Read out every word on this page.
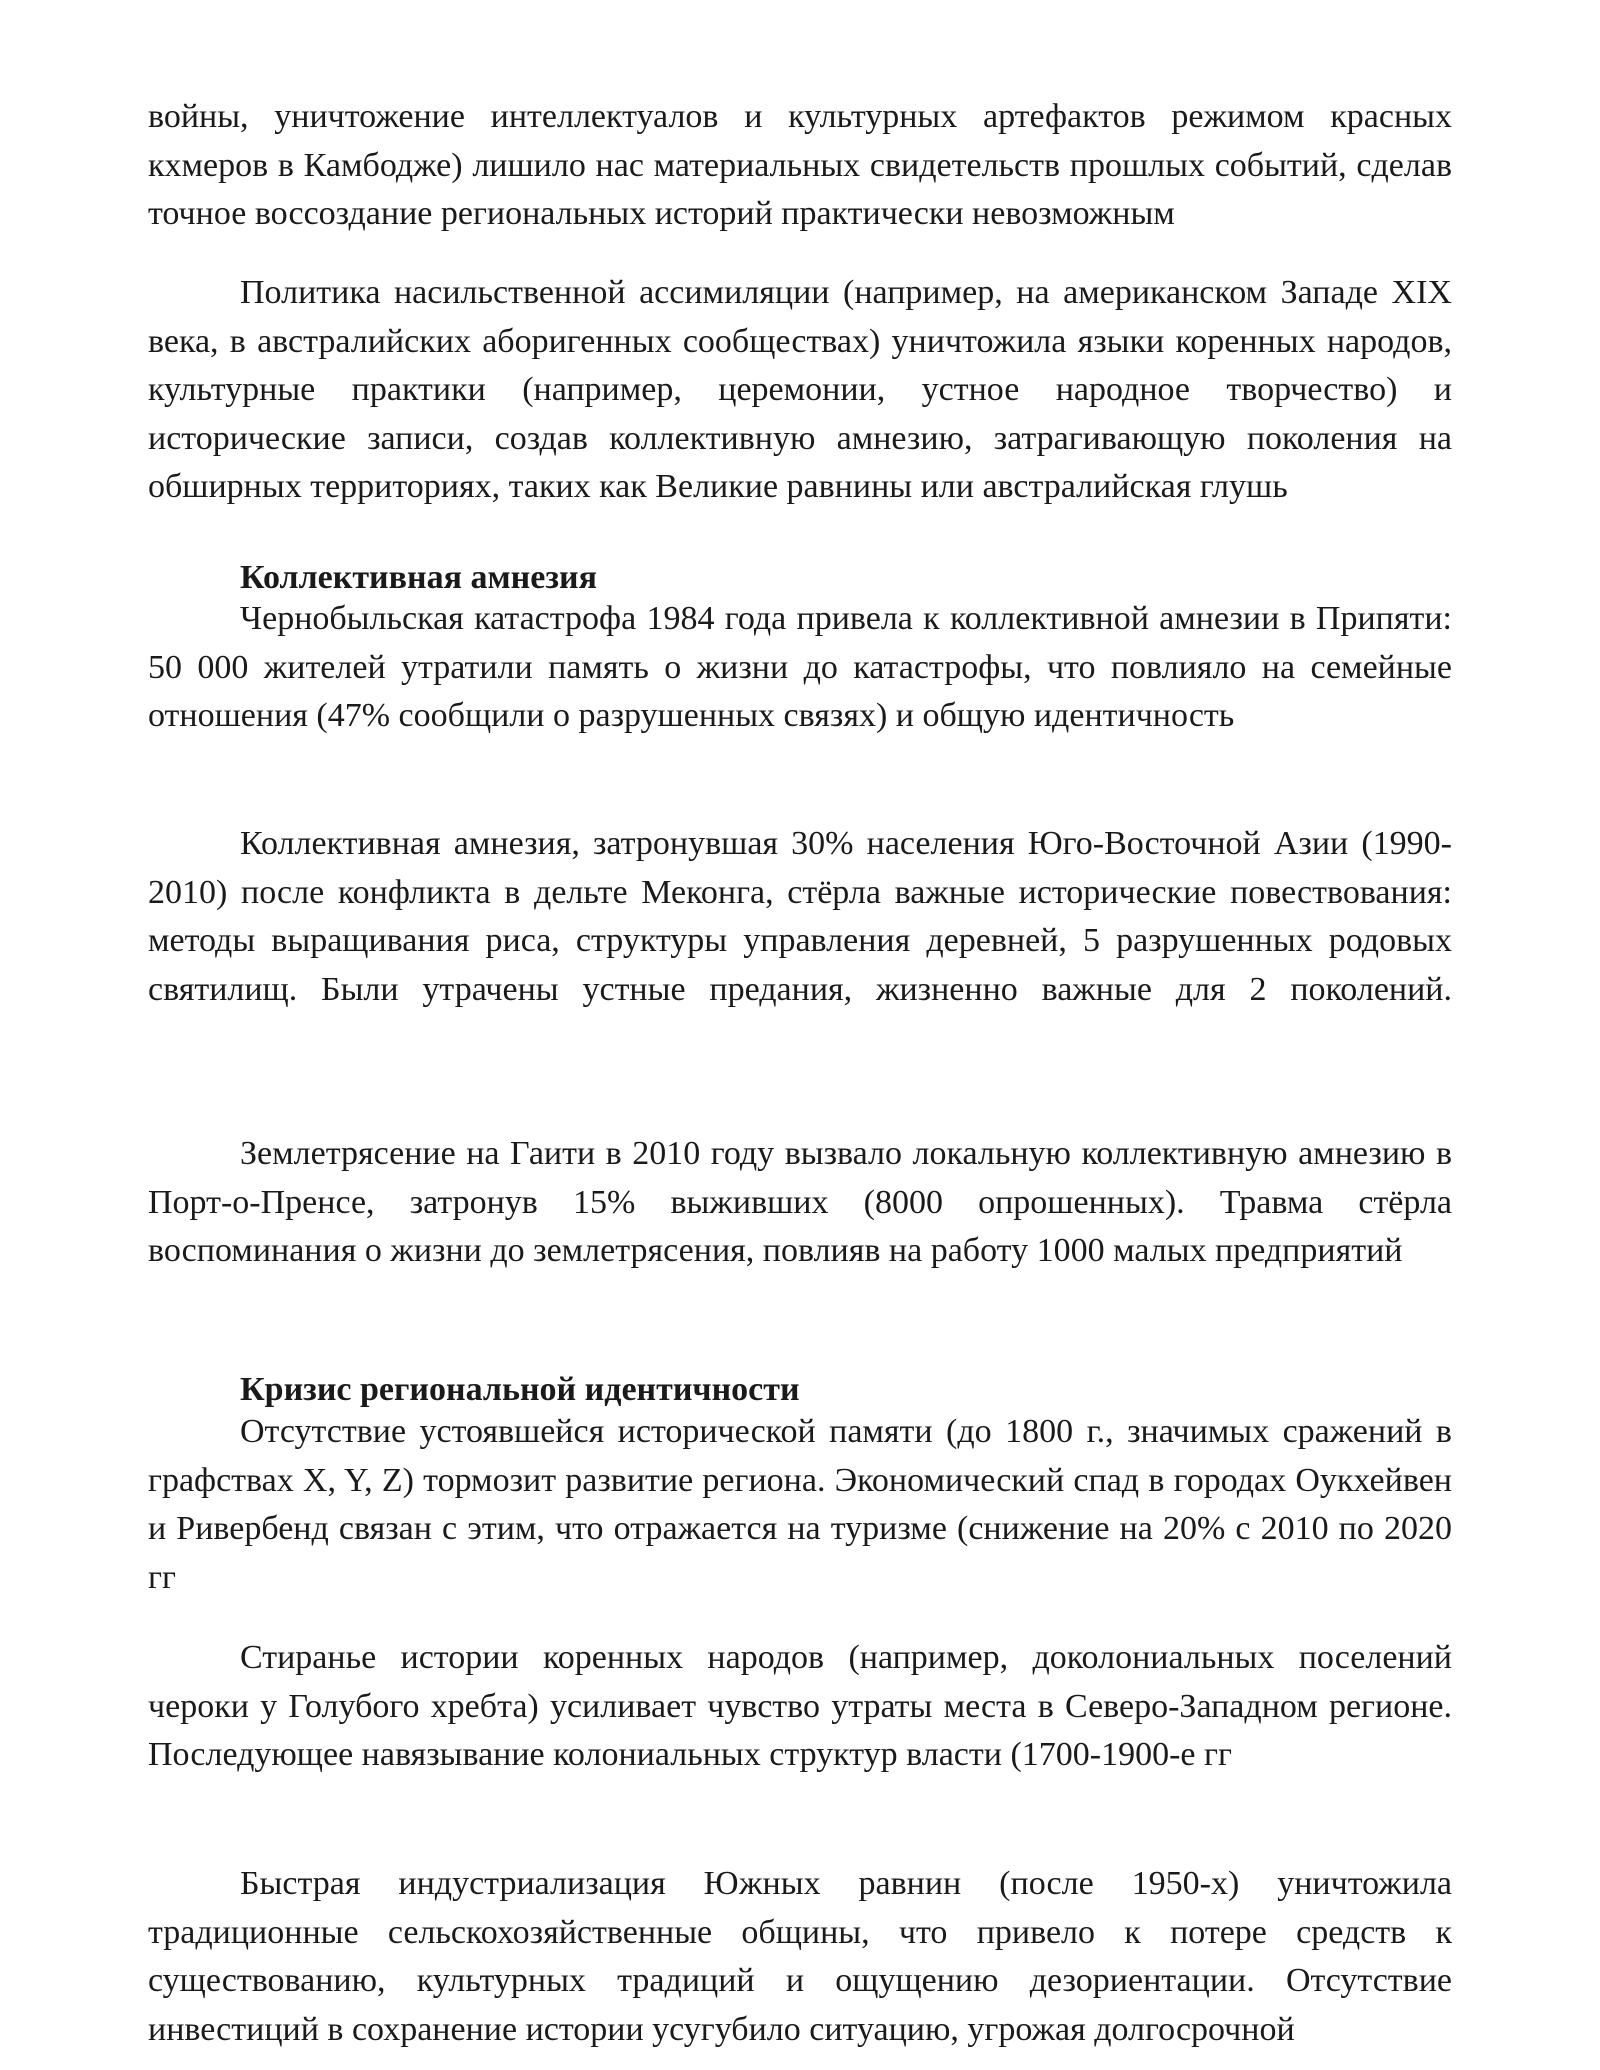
войны, уничтожение интеллектуалов и культурных артефактов режимом красных кхмеров в Камбодже) лишило нас материальных свидетельств прошлых событий, сделав точное воссоздание региональных историй практически невозможным

Политика насильственной ассимиляции (например, на американском Западе XIX века, в австралийских аборигенных сообществах) уничтожила языки коренных народов, культурные практики (например, церемонии, устное народное творчество) и исторические записи, создав коллективную амнезию, затрагивающую поколения на обширных территориях, таких как Великие равнины или австралийская глушь

Коллективная амнезия

Чернобыльская катастрофа 1984 года привела к коллективной амнезии в Припяти: 50 000 жителей утратили память о жизни до катастрофы, что повлияло на семейные отношения (47% сообщили о разрушенных связях) и общую идентичность

Коллективная амнезия, затронувшая 30% населения Юго-Восточной Азии (1990-2010) после конфликта в дельте Меконга, стёрла важные исторические повествования: методы выращивания риса, структуры управления деревней, 5 разрушенных родовых святилищ. Были утрачены устные предания, жизненно важные для 2 поколений.

Землетрясение на Гаити в 2010 году вызвало локальную коллективную амнезию в Порт-о-Пренсе, затронув 15% выживших (8000 опрошенных). Травма стёрла воспоминания о жизни до землетрясения, повлияв на работу 1000 малых предприятий

Кризис региональной идентичности

Отсутствие устоявшейся исторической памяти (до 1800 г., значимых сражений в графствах X, Y, Z) тормозит развитие региона. Экономический спад в городах Оукхейвен и Ривербенд связан с этим, что отражается на туризме (снижение на 20% с 2010 по 2020 гг

Стиранье истории коренных народов (например, доколониальных поселений чероки у Голубого хребта) усиливает чувство утраты места в Северо-Западном регионе. Последующее навязывание колониальных структур власти (1700-1900-е гг

Быстрая индустриализация Южных равнин (после 1950-х) уничтожила традиционные сельскохозяйственные общины, что привело к потере средств к существованию, культурных традиций и ощущению дезориентации. Отсутствие инвестиций в сохранение истории усугубило ситуацию, угрожая долгосрочной
